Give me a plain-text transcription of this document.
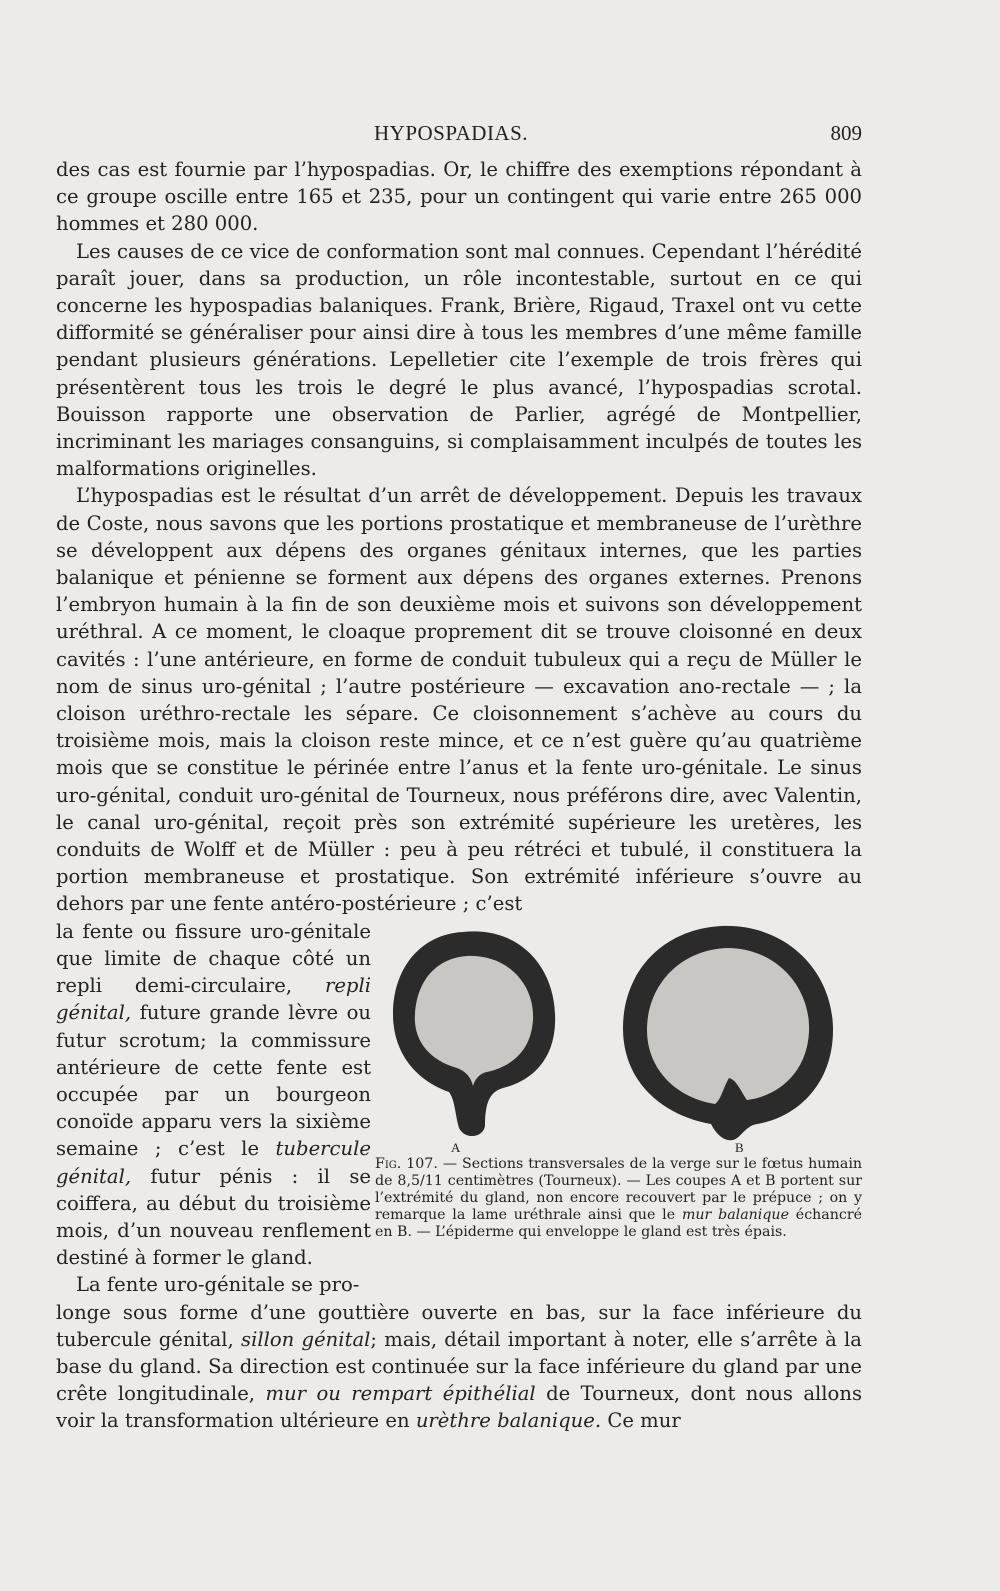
HYPOSPADIAS.	809

des cas est fournie par l’hypospadias. Or, le chiffre des exemptions répondant à ce groupe oscille entre 165 et 235, pour un contingent qui varie entre 265 000 hommes et 280 000.

Les causes de ce vice de conformation sont mal connues. Cependant l’hérédité paraît jouer, dans sa production, un rôle incontestable, surtout en ce qui concerne les hypospadias balaniques. Frank, Brière, Rigaud, Traxel ont vu cette difformité se généraliser pour ainsi dire à tous les membres d’une même famille pendant plusieurs générations. Lepelletier cite l’exemple de trois frères qui présentèrent tous les trois le degré le plus avancé, l’hypospadias scrotal. Bouisson rapporte une observation de Parlier, agrégé de Montpellier, incriminant les mariages consanguins, si complaisamment inculpés de toutes les malformations originelles.

L’hypospadias est le résultat d’un arrêt de développement. Depuis les travaux de Coste, nous savons que les portions prostatique et membraneuse de l’urèthre se développent aux dépens des organes génitaux internes, que les parties balanique et pénienne se forment aux dépens des organes externes. Prenons l’embryon humain à la fin de son deuxième mois et suivons son développement uréthral. A ce moment, le cloaque proprement dit se trouve cloisonné en deux cavités : l’une antérieure, en forme de conduit tubuleux qui a reçu de Müller le nom de sinus uro-génital ; l’autre postérieure — excavation ano-rectale — ; la cloison uréthro-rectale les sépare. Ce cloisonnement s’achève au cours du troisième mois, mais la cloison reste mince, et ce n’est guère qu’au quatrième mois que se constitue le périnée entre l’anus et la fente uro-génitale. Le sinus uro-génital, conduit uro-génital de Tourneux, nous préférons dire, avec Valentin, le canal uro-génital, reçoit près son extrémité supérieure les uretères, les conduits de Wolff et de Müller : peu à peu rétréci et tubulé, il constituera la portion membraneuse et prostatique. Son extrémité inférieure s’ouvre au dehors par une fente antéro-postérieure ; c’est

la fente ou fissure uro-génitale que limite de chaque côté un repli demi-circulaire, repli génital, future grande lèvre ou futur scrotum; la commissure antérieure de cette fente est occupée par un bourgeon conoïde apparu vers la sixième semaine ; c’est le tubercule génital, futur pénis : il se coiffera, au début du troisième mois, d’un nouveau renflement destiné à former le gland.

La fente uro-génitale se pro-

A	B
Fig. 107. — Sections transversales de la verge sur le fœtus humain de 8,5/11 centimètres (Tourneux). — Les coupes A et B portent sur l’extrémité du gland, non encore recouvert par le prépuce ; on y remarque la lame uréthrale ainsi que le mur balanique échancré en B. — L’épiderme qui enveloppe le gland est très épais.

longe sous forme d’une gouttière ouverte en bas, sur la face inférieure du tubercule génital, sillon génital; mais, détail important à noter, elle s’arrête à la base du gland. Sa direction est continuée sur la face inférieure du gland par une crête longitudinale, mur ou rempart épithélial de Tourneux, dont nous allons voir la transformation ultérieure en urèthre balanique. Ce mur
